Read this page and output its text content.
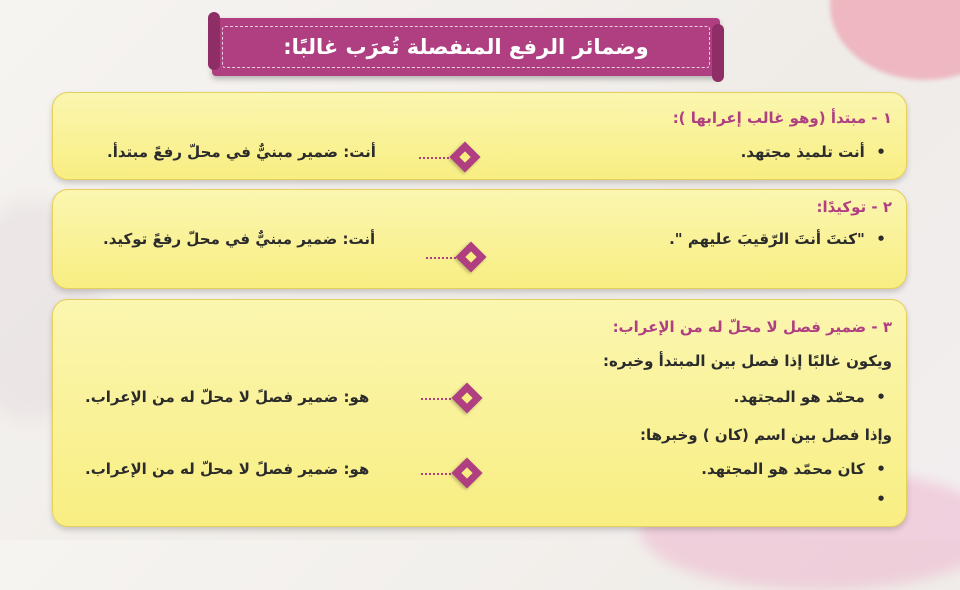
وضمائر الرفع المنفصلة تُعرَب غالبًا:
١ - مبتدأ (وهو غالب إعرابها ):
• أنت تلميذ مجتهد.
أنت: ضمير مبنيٌّ في محلّ رفعً مبتدأ.
٢ - توكيدًا:
• "كنتَ أنتَ الرّقيبَ عليهم ".
أنت: ضمير مبنيٌّ في محلّ رفعً توكيد.
٣ - ضمير فصل لا محلّ له من الإعراب:
ويكون غالبًا إذا فصل بين المبتدأ وخبره:
• محمّد هو المجتهد.
هو: ضمير فصلً لا محلّ له من الإعراب.
وإذا فصل بين اسم (كان ) وخبرها:
• كان محمّد هو المجتهد.
هو: ضمير فصلً لا محلّ له من الإعراب.
•
